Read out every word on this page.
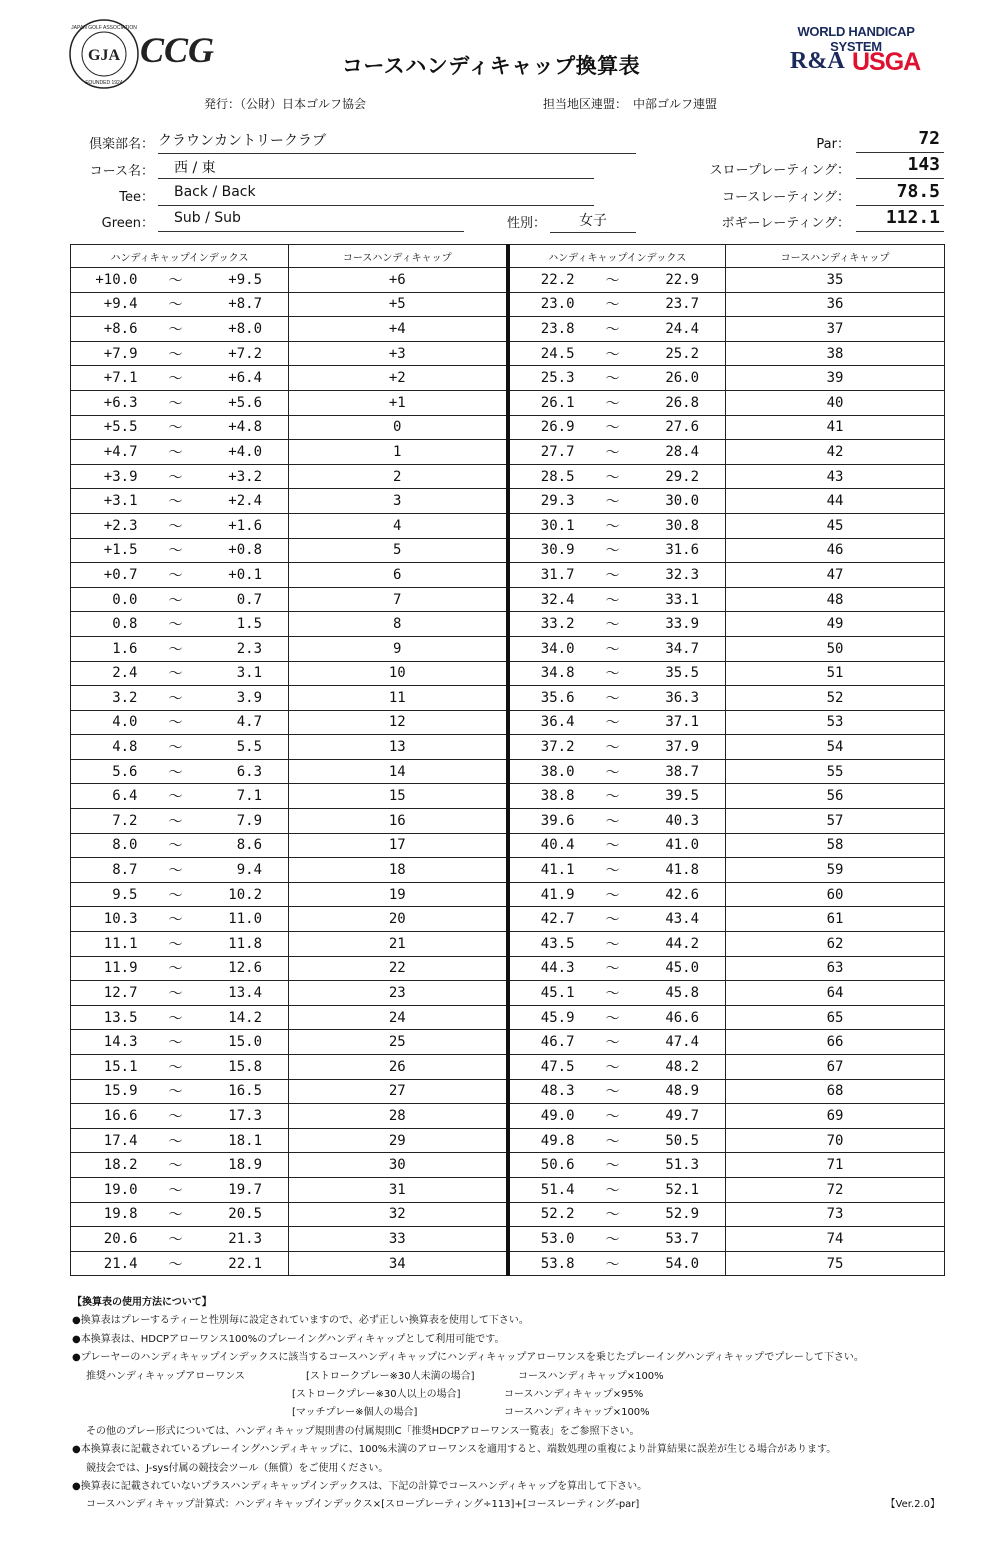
GJA
JAPAN GOLF ASSOCIATION
FOUNDED 1924
CCG	コースハンディキャップ換算表
WORLD HANDICAP SYSTEM
R&A USGA
発行：（公財）日本ゴルフ協会	担当地区連盟：　中部ゴルフ連盟
倶楽部名： クラウンカントリークラブ
コース名：	西 / 東
Tee：	Back / Back
Green：	Sub / Sub	性別：	女子
Par：	72
スロープレーティング：	143
コースレーティング：	78.5
ボギーレーティング：	112.1
ハンディキャップインデックス			コースハンディキャップ	ハンディキャップインデックス			コースハンディキャップ
+10.0	～	+9.5	+6	22.2	～	22.9	35
+9.4	～	+8.7	+5	23.0	～	23.7	36
+8.6	～	+8.0	+4	23.8	～	24.4	37
+7.9	～	+7.2	+3	24.5	～	25.2	38
+7.1	～	+6.4	+2	25.3	～	26.0	39
+6.3	～	+5.6	+1	26.1	～	26.8	40
+5.5	～	+4.8	0	26.9	～	27.6	41
+4.7	～	+4.0	1	27.7	～	28.4	42
+3.9	～	+3.2	2	28.5	～	29.2	43
+3.1	～	+2.4	3	29.3	～	30.0	44
+2.3	～	+1.6	4	30.1	～	30.8	45
+1.5	～	+0.8	5	30.9	～	31.6	46
+0.7	～	+0.1	6	31.7	～	32.3	47
0.0	～	0.7	7	32.4	～	33.1	48
0.8	～	1.5	8	33.2	～	33.9	49
1.6	～	2.3	9	34.0	～	34.7	50
2.4	～	3.1	10	34.8	～	35.5	51
3.2	～	3.9	11	35.6	～	36.3	52
4.0	～	4.7	12	36.4	～	37.1	53
4.8	～	5.5	13	37.2	～	37.9	54
5.6	～	6.3	14	38.0	～	38.7	55
6.4	～	7.1	15	38.8	～	39.5	56
7.2	～	7.9	16	39.6	～	40.3	57
8.0	～	8.6	17	40.4	～	41.0	58
8.7	～	9.4	18	41.1	～	41.8	59
9.5	～	10.2	19	41.9	～	42.6	60
10.3	～	11.0	20	42.7	～	43.4	61
11.1	～	11.8	21	43.5	～	44.2	62
11.9	～	12.6	22	44.3	～	45.0	63
12.7	～	13.4	23	45.1	～	45.8	64
13.5	～	14.2	24	45.9	～	46.6	65
14.3	～	15.0	25	46.7	～	47.4	66
15.1	～	15.8	26	47.5	～	48.2	67
15.9	～	16.5	27	48.3	～	48.9	68
16.6	～	17.3	28	49.0	～	49.7	69
17.4	～	18.1	29	49.8	～	50.5	70
18.2	～	18.9	30	50.6	～	51.3	71
19.0	～	19.7	31	51.4	～	52.1	72
19.8	～	20.5	32	52.2	～	52.9	73
20.6	～	21.3	33	53.0	～	53.7	74
21.4	～	22.1	34	53.8	～	54.0	75
【換算表の使用方法について】
●換算表はプレーするティーと性別毎に設定されていますので、必ず正しい換算表を使用して下さい。
●本換算表は、HDCPアローワンス100%のプレーイングハンディキャップとして利用可能です。
●プレーヤーのハンディキャップインデックスに該当するコースハンディキャップにハンディキャップアローワンスを乗じたプレーイングハンディキャップでプレーして下さい。
推奨ハンディキャップアローワンス	[ストロークプレー※30人未満の場合]	コースハンディキャップ×100%
[ストロークプレー※30人以上の場合]	コースハンディキャップ×95%
[マッチプレー※個人の場合]	コースハンディキャップ×100%
その他のプレー形式については、ハンディキャップ規則書の付属規則C「推奨HDCPアローワンス一覧表」をご参照下さい。
●本換算表に記載されているプレーイングハンディキャップに、100%未満のアローワンスを適用すると、端数処理の重複により計算結果に誤差が生じる場合があります。
競技会では、J-sys付属の競技会ツール（無償）をご使用ください。
●換算表に記載されていないプラスハンディキャップインデックスは、下記の計算でコースハンディキャップを算出して下さい。
コースハンディキャップ計算式：ハンディキャップインデックス×[スロープレーティング÷113]+[コースレーティング-par]	【Ver.2.0】
